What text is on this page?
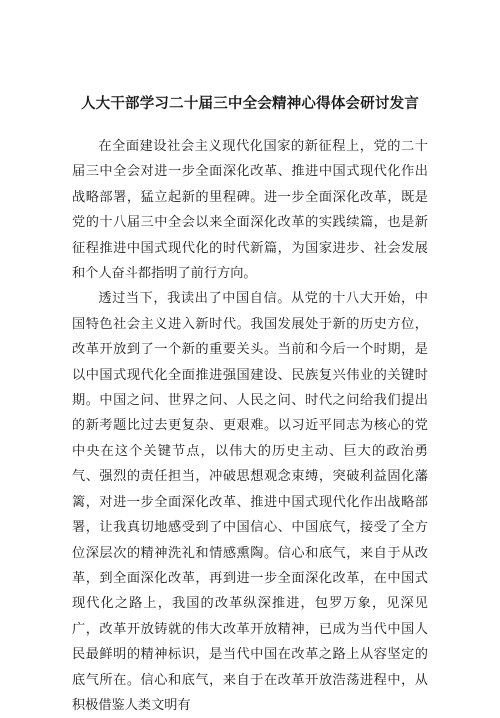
人大干部学习二十届三中全会精神心得体会研讨发言

在全面建设社会主义现代化国家的新征程上，党的二十届三中全会对进一步全面深化改革、推进中国式现代化作出战略部署，猛立起新的里程碑。进一步全面深化改革，既是党的十八届三中全会以来全面深化改革的实践续篇，也是新征程推进中国式现代化的时代新篇，为国家进步、社会发展和个人奋斗都指明了前行方向。

透过当下，我读出了中国自信。从党的十八大开始，中国特色社会主义进入新时代。我国发展处于新的历史方位，改革开放到了一个新的重要关头。当前和今后一个时期，是以中国式现代化全面推进强国建设、民族复兴伟业的关键时期。中国之问、世界之问、人民之问、时代之问给我们提出的新考题比过去更复杂、更艰难。以习近平同志为核心的党中央在这个关键节点，以伟大的历史主动、巨大的政治勇气、强烈的责任担当，冲破思想观念束缚，突破利益固化藩篱，对进一步全面深化改革、推进中国式现代化作出战略部署，让我真切地感受到了中国信心、中国底气，接受了全方位深层次的精神洗礼和情感熏陶。信心和底气，来自于从改革，到全面深化改革，再到进一步全面深化改革，在中国式现代化之路上，我国的改革纵深推进，包罗万象，见深见广，改革开放铸就的伟大改革开放精神，已成为当代中国人民最鲜明的精神标识，是当代中国在改革之路上从容坚定的底气所在。信心和底气，来自于在改革开放浩荡进程中，从积极借鉴人类文明有
